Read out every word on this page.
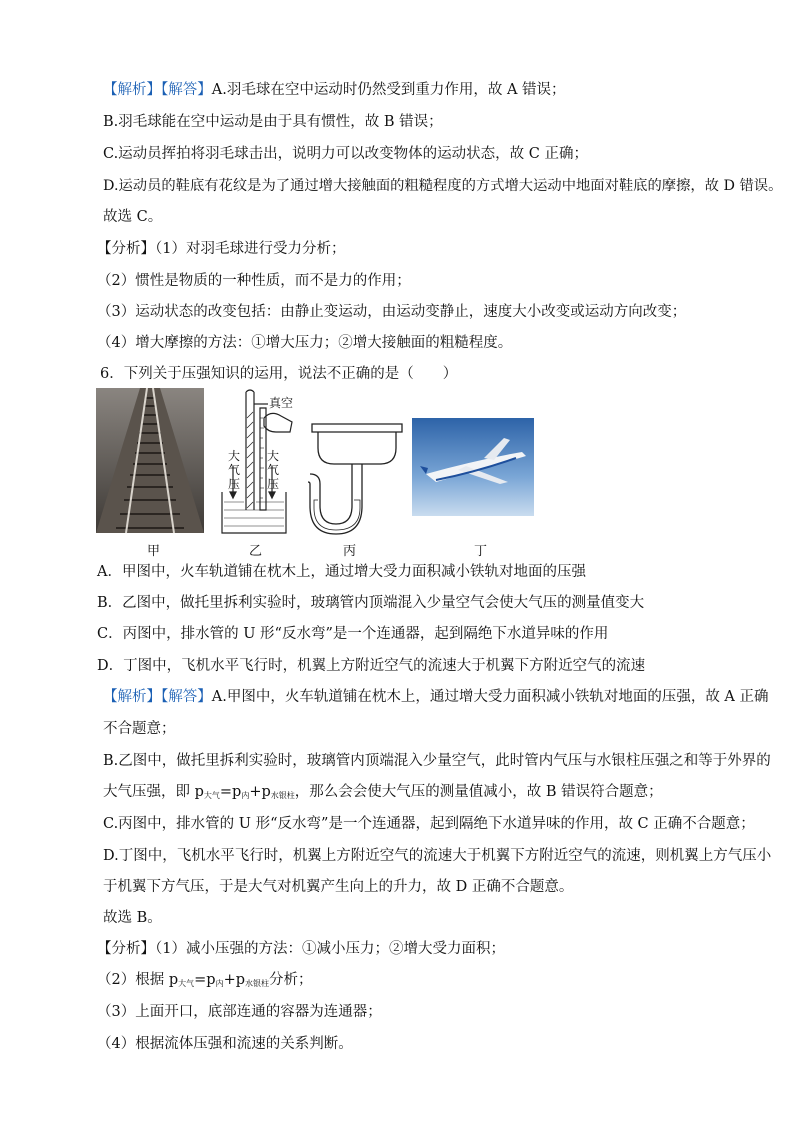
【解析】【解答】A.羽毛球在空中运动时仍然受到重力作用，故 A 错误；
B.羽毛球能在空中运动是由于具有惯性，故 B 错误；
C.运动员挥拍将羽毛球击出，说明力可以改变物体的运动状态，故 C 正确；
D.运动员的鞋底有花纹是为了通过增大接触面的粗糙程度的方式增大运动中地面对鞋底的摩擦，故 D 错误。
故选 C。
【分析】（1）对羽毛球进行受力分析；
（2）惯性是物质的一种性质，而不是力的作用；
（3）运动状态的改变包括：由静止变运动，由运动变静止，速度大小改变或运动方向改变；
（4）增大摩擦的方法：①增大压力；②增大接触面的粗糙程度。
6．下列关于压强知识的运用，说法不正确的是（　　）
真空
大
气
压
大
气
压
甲	乙	丙	丁
A．甲图中，火车轨道铺在枕木上，通过增大受力面积减小铁轨对地面的压强
B．乙图中，做托里拆利实验时，玻璃管内顶端混入少量空气会使大气压的测量值变大
C．丙图中，排水管的 U 形“反水弯”是一个连通器，起到隔绝下水道异味的作用
D．丁图中，飞机水平飞行时，机翼上方附近空气的流速大于机翼下方附近空气的流速
【解析】【解答】A.甲图中，火车轨道铺在枕木上，通过增大受力面积减小铁轨对地面的压强，故 A 正确
不合题意；
B.乙图中，做托里拆利实验时，玻璃管内顶端混入少量空气，此时管内气压与水银柱压强之和等于外界的
大气压强，即 $p_{大气}=p_内+p_{水银柱}$，那么会会使大气压的测量值减小，故 B 错误符合题意；
C.丙图中，排水管的 U 形“反水弯”是一个连通器，起到隔绝下水道异味的作用，故 C 正确不合题意；
D.丁图中，飞机水平飞行时，机翼上方附近空气的流速大于机翼下方附近空气的流速，则机翼上方气压小
于机翼下方气压，于是大气对机翼产生向上的升力，故 D 正确不合题意。
故选 B。
【分析】（1）减小压强的方法：①减小压力；②增大受力面积；
（2）根据 $p_{大气}=p_内+p_{水银柱}$分析；
（3）上面开口，底部连通的容器为连通器；
（4）根据流体压强和流速的关系判断。
